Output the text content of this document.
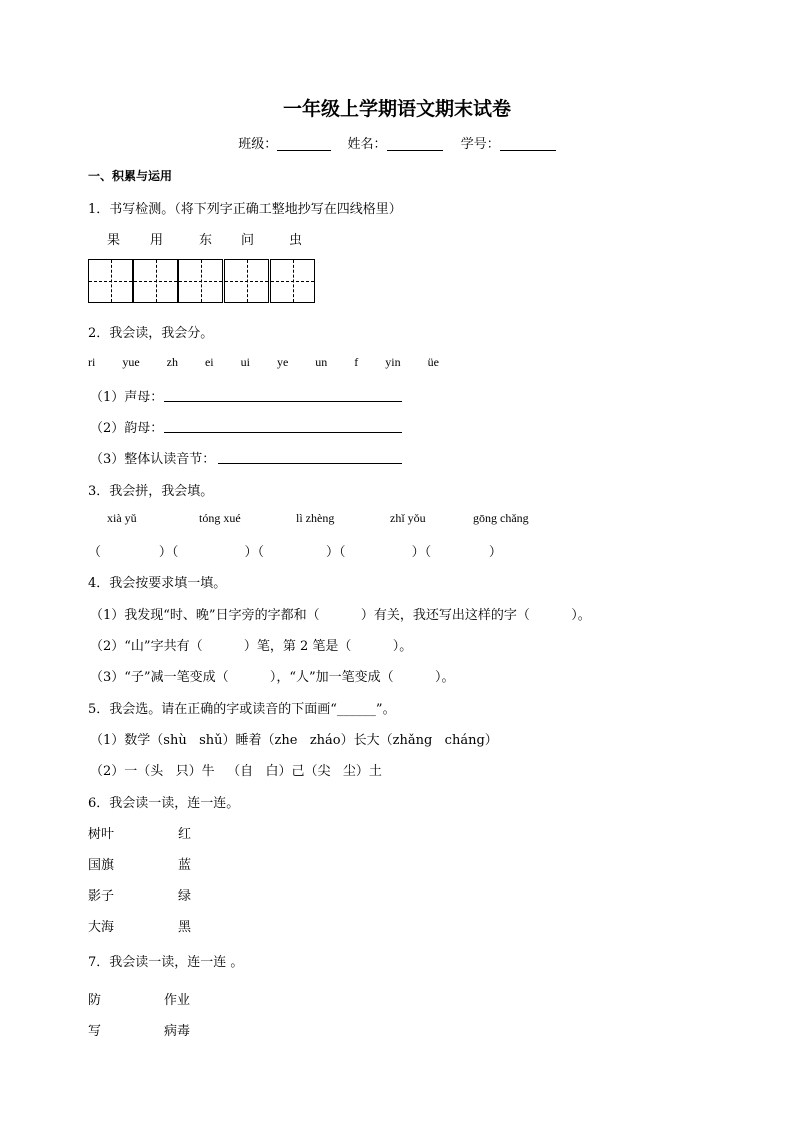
一年级上学期语文期末试卷
班级：	姓名：	学号：
一、积累与运用
1．书写检测。（将下列字正确工整地抄写在四线格里）
果 用	东 问	虫
2．我会读，我会分。
ri   yue   zh   ei   ui   ye   un   f   yin   üe
（1）声母：
（2）韵母：
（3）整体认读音节：
3．我会拼，我会填。
xià yǔ	tóng xué	lì zhèng	zhǐ yǒu	gōng chǎng
（              ）（                ）（               ）（                ）（              ）
4．我会按要求填一填。
（1）我发现“时、晚”日字旁的字都和（          ）有关，我还写出这样的字（          ）。
（2）“山”字共有（          ）笔，第 2 笔是（          ）。
（3）“子”减一笔变成（          ），“人”加一笔变成（          ）。
5．我会选。请在正确的字或读音的下面画“______”。
（1）数学（shù   shǔ）睡着（zhe   zháo）长大（zhǎng   cháng）
（2）一（头   只）牛   （自   白）己（尖   尘）土
6．我会读一读，连一连。
树叶	红
国旗	蓝
影子	绿
大海	黑
7．我会读一读，连一连 。
防	作业
写	病毒
